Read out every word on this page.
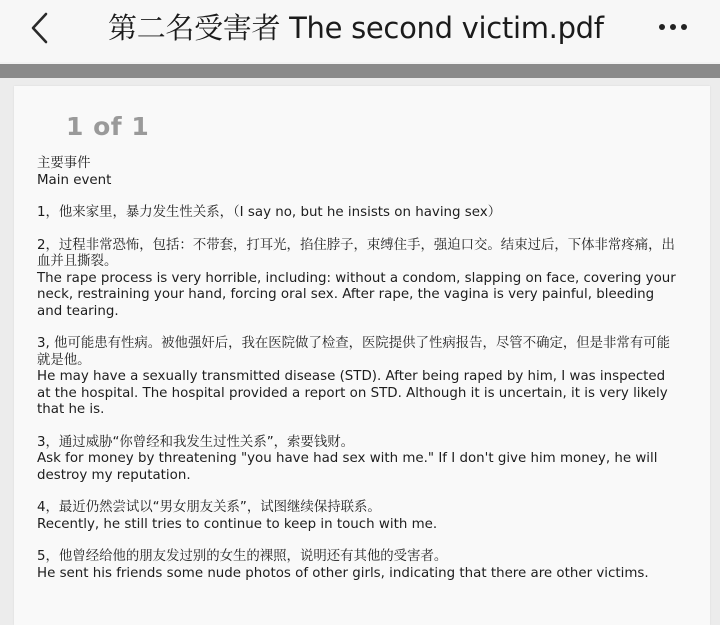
第二名受害者 The second victim.pdf
1 of 1

主要事件

Main event

1，他来家里，暴力发生性关系，（I say no, but he insists on having sex）

2，过程非常恐怖，包括：不带套，打耳光，掐住脖子，束缚住手，强迫口交。结束过后，下体非常疼痛，出血并且撕裂。

The rape process is very horrible, including: without a condom, slapping on face, covering your neck, restraining your hand, forcing oral sex. After rape, the vagina is very painful, bleeding and tearing.

3, 他可能患有性病。被他强奸后，我在医院做了检查，医院提供了性病报告，尽管不确定，但是非常有可能就是他。

He may have a sexually transmitted disease (STD). After being raped by him, I was inspected at the hospital. The hospital provided a report on STD. Although it is uncertain, it is very likely that he is.

3，通过威胁“你曾经和我发生过性关系”，索要钱财。

Ask for money by threatening "you have had sex with me." If I don't give him money, he will destroy my reputation.

4，最近仍然尝试以“男女朋友关系”，试图继续保持联系。

Recently, he still tries to continue to keep in touch with me.

5，他曾经给他的朋友发过别的女生的裸照，说明还有其他的受害者。

He sent his friends some nude photos of other girls, indicating that there are other victims.
